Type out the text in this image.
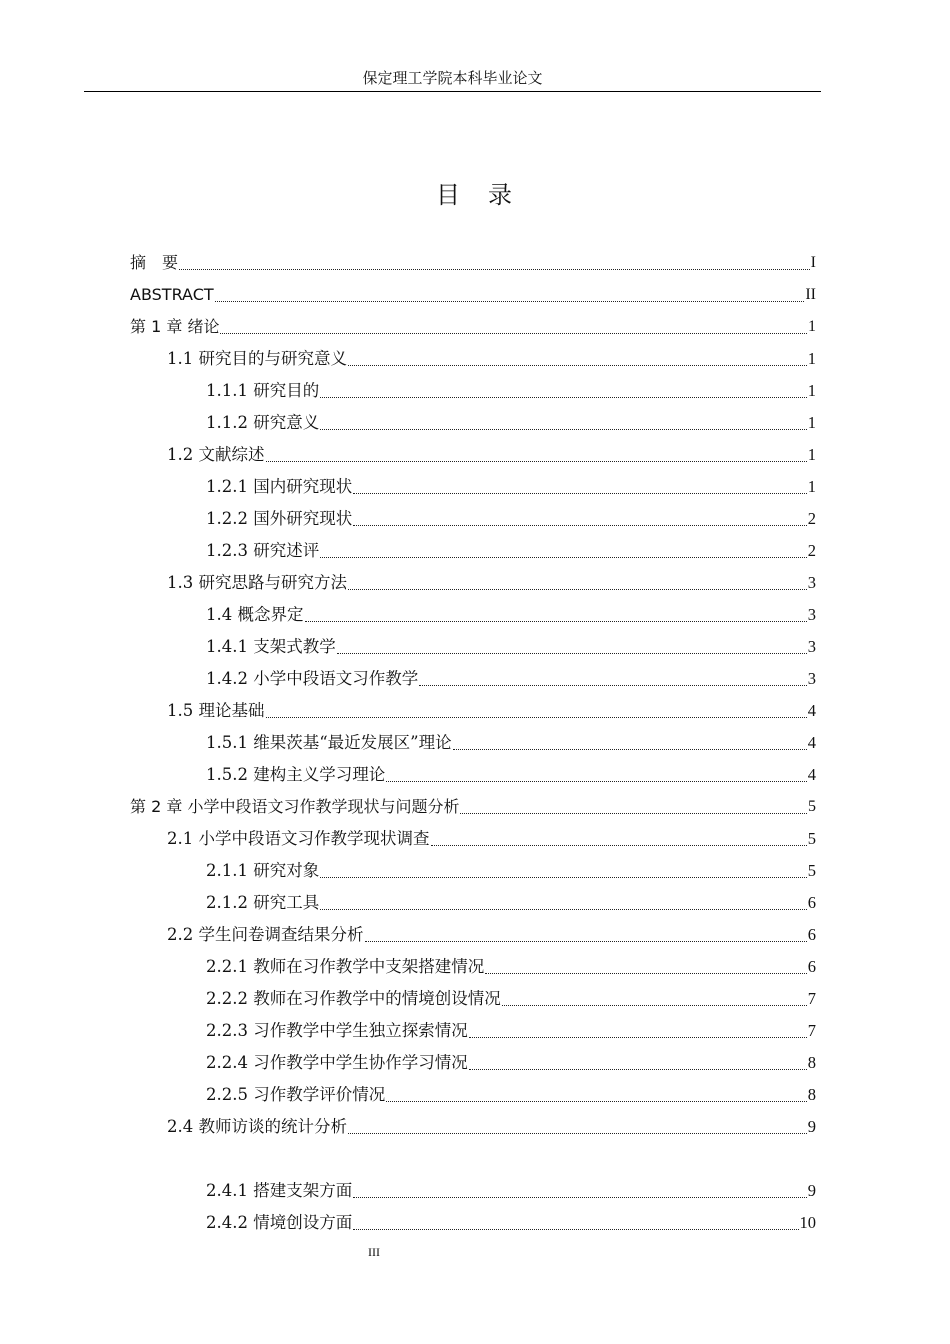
保定理工学院本科毕业论文
目　录
摘　要	I
ABSTRACT	II
第 1 章 绪论	1
1.1 研究目的与研究意义	1
1.1.1 研究目的	1
1.1.2 研究意义	1
1.2 文献综述	1
1.2.1 国内研究现状	1
1.2.2 国外研究现状	2
1.2.3 研究述评	2
1.3 研究思路与研究方法	3
1.4 概念界定	3
1.4.1 支架式教学	3
1.4.2 小学中段语文习作教学	3
1.5 理论基础	4
1.5.1 维果茨基“最近发展区”理论	4
1.5.2 建构主义学习理论	4
第 2 章 小学中段语文习作教学现状与问题分析	5
2.1 小学中段语文习作教学现状调查	5
2.1.1 研究对象	5
2.1.2 研究工具	6
2.2 学生问卷调查结果分析	6
2.2.1 教师在习作教学中支架搭建情况	6
2.2.2 教师在习作教学中的情境创设情况	7
2.2.3 习作教学中学生独立探索情况	7
2.2.4 习作教学中学生协作学习情况	8
2.2.5 习作教学评价情况	8
2.4 教师访谈的统计分析	9
2.4.1 搭建支架方面	9
2.4.2 情境创设方面	10
III
